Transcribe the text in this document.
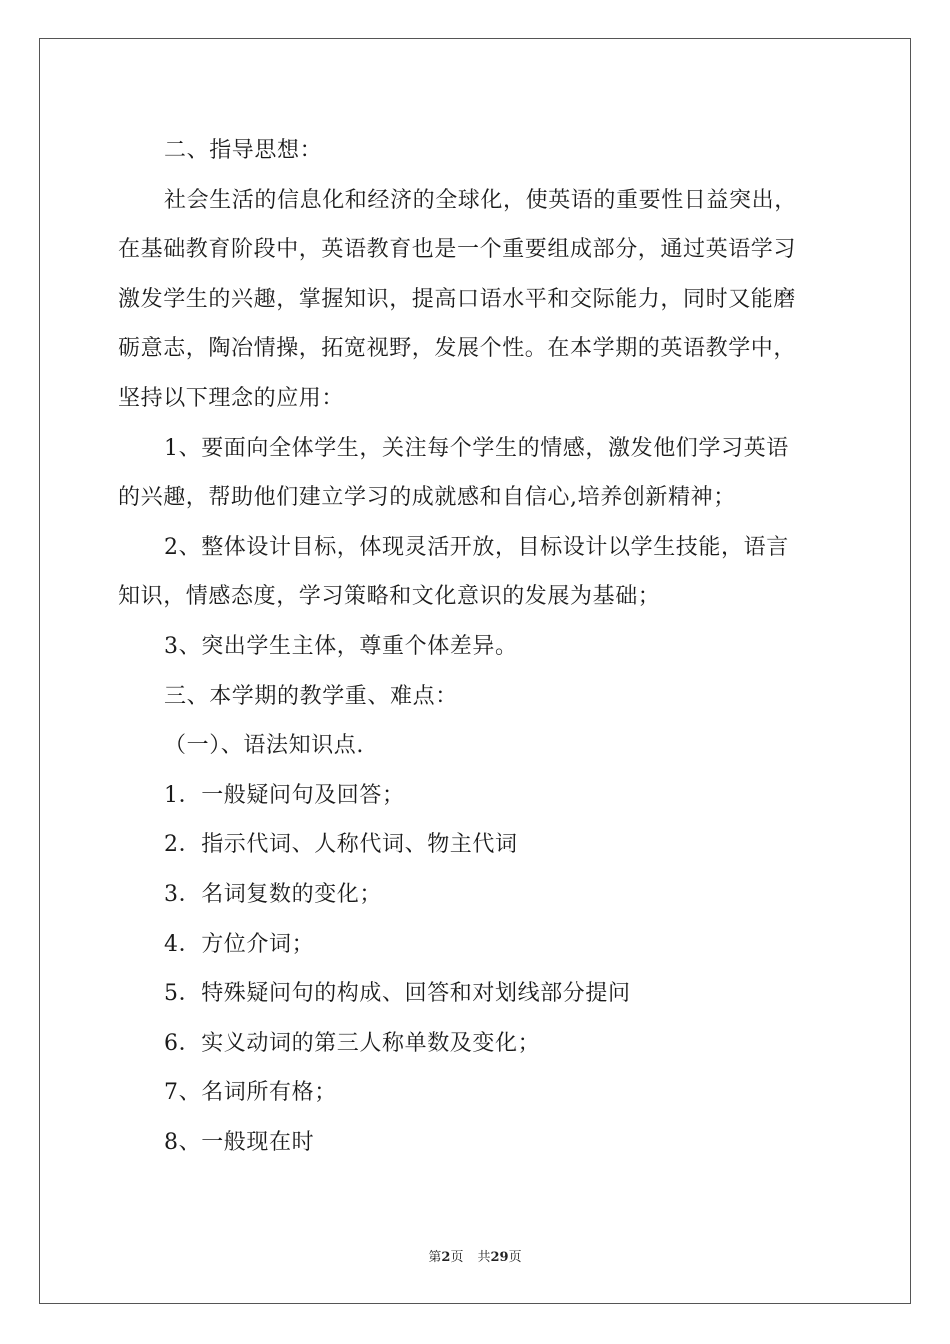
二、指导思想：
社会生活的信息化和经济的全球化，使英语的重要性日益突出，
在基础教育阶段中，英语教育也是一个重要组成部分，通过英语学习
激发学生的兴趣，掌握知识，提高口语水平和交际能力，同时又能磨
砺意志，陶冶情操，拓宽视野，发展个性。在本学期的英语教学中，
坚持以下理念的应用：
1、要面向全体学生，关注每个学生的情感，激发他们学习英语
的兴趣，帮助他们建立学习的成就感和自信心,培养创新精神；
2、整体设计目标，体现灵活开放，目标设计以学生技能，语言
知识，情感态度，学习策略和文化意识的发展为基础；
3、突出学生主体，尊重个体差异。
三、本学期的教学重、难点：
（一）、语法知识点.
1．一般疑问句及回答；
2．指示代词、人称代词、物主代词
3．名词复数的变化；
4．方位介词；
5．特殊疑问句的构成、回答和对划线部分提问
6．实义动词的第三人称单数及变化；
7、名词所有格；
8、一般现在时
第2页 共29页
